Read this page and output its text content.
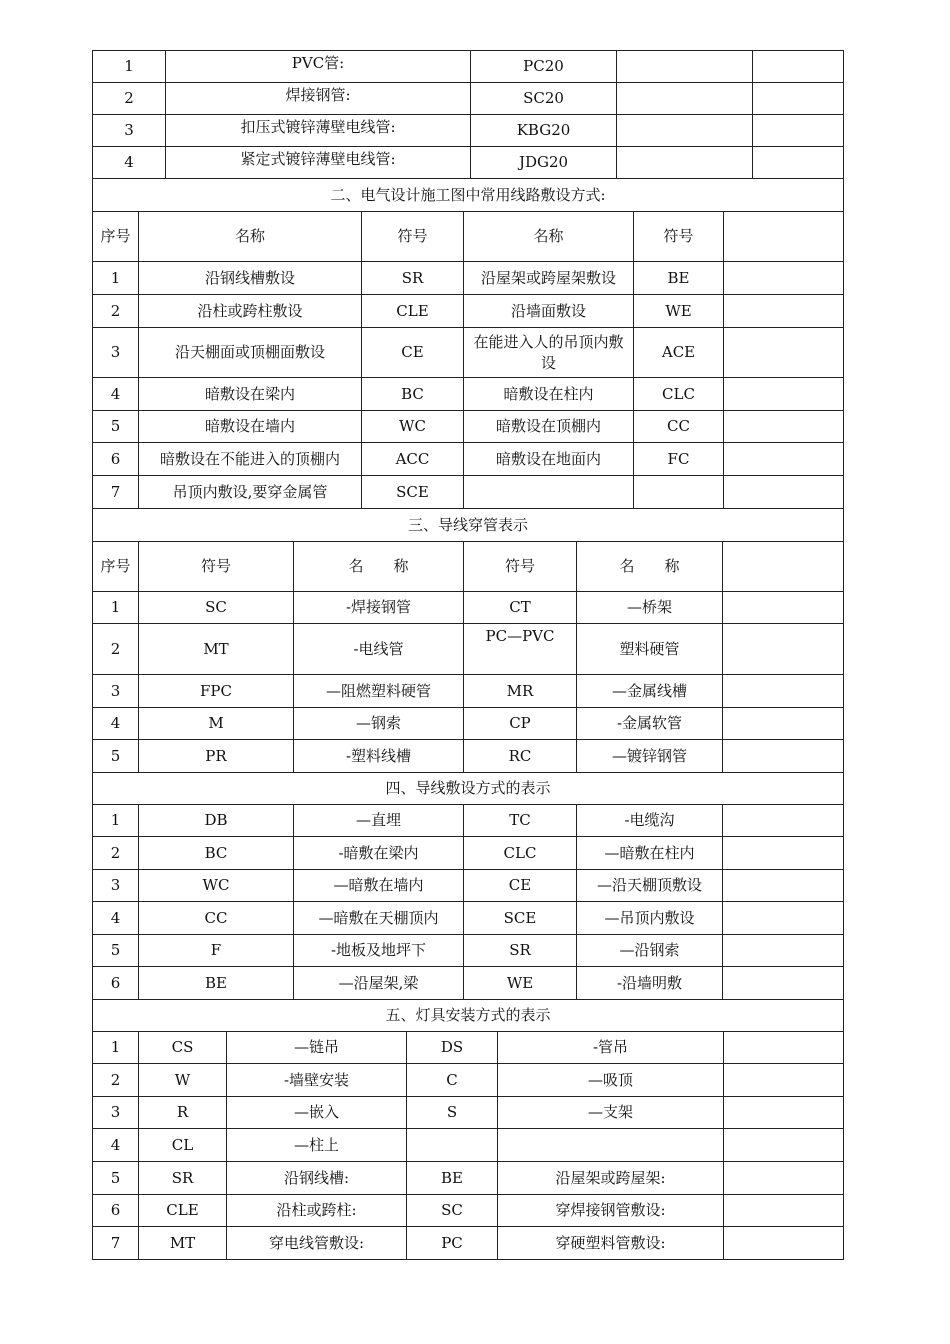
1	PVC管:	PC20		
2	焊接钢管:	SC20		
3	扣压式镀锌薄壁电线管:	KBG20		
4	紧定式镀锌薄壁电线管:	JDG20		
二、电气设计施工图中常用线路敷设方式:					
序号	名称	符号	名称	符号	
1	沿钢线槽敷设	SR	沿屋架或跨屋架敷设	BE	
2	沿柱或跨柱敷设	CLE	沿墙面敷设	WE	
3	沿天棚面或顶棚面敷设	CE	在能进入人的吊顶内敷设	ACE	
4	暗敷设在梁内	BC	暗敷设在柱内	CLC	
5	暗敷设在墙内	WC	暗敷设在顶棚内	CC	
6	暗敷设在不能进入的顶棚内	ACC	暗敷设在地面内	FC	
7	吊顶内敷设,要穿金属管	SCE			
三、导线穿管表示					
序号	符号	名　　称	符号	名　　称	
1	SC	-焊接钢管	CT	—桥架	
2	MT	-电线管	PC—PVC	塑料硬管	
3	FPC	—阻燃塑料硬管	MR	—金属线槽	
4	M	—钢索	CP	-金属软管	
5	PR	-塑料线槽	RC	—镀锌钢管	
四、导线敷设方式的表示					
1	DB	—直埋	TC	-电缆沟	
2	BC	-暗敷在梁内	CLC	—暗敷在柱内	
3	WC	—暗敷在墙内	CE	—沿天棚顶敷设	
4	CC	—暗敷在天棚顶内	SCE	—吊顶内敷设	
5	F	-地板及地坪下	SR	—沿钢索	
6	BE	—沿屋架,梁	WE	-沿墙明敷	
五、灯具安装方式的表示					
1	CS	—链吊	DS	-管吊	
2	W	-墙壁安装	C	—吸顶	
3	R	—嵌入	S	—支架	
4	CL	—柱上			
5	SR	沿钢线槽:	BE	沿屋架或跨屋架:	
6	CLE	沿柱或跨柱:	SC	穿焊接钢管敷设:	
7	MT	穿电线管敷设:	PC	穿硬塑料管敷设:	
